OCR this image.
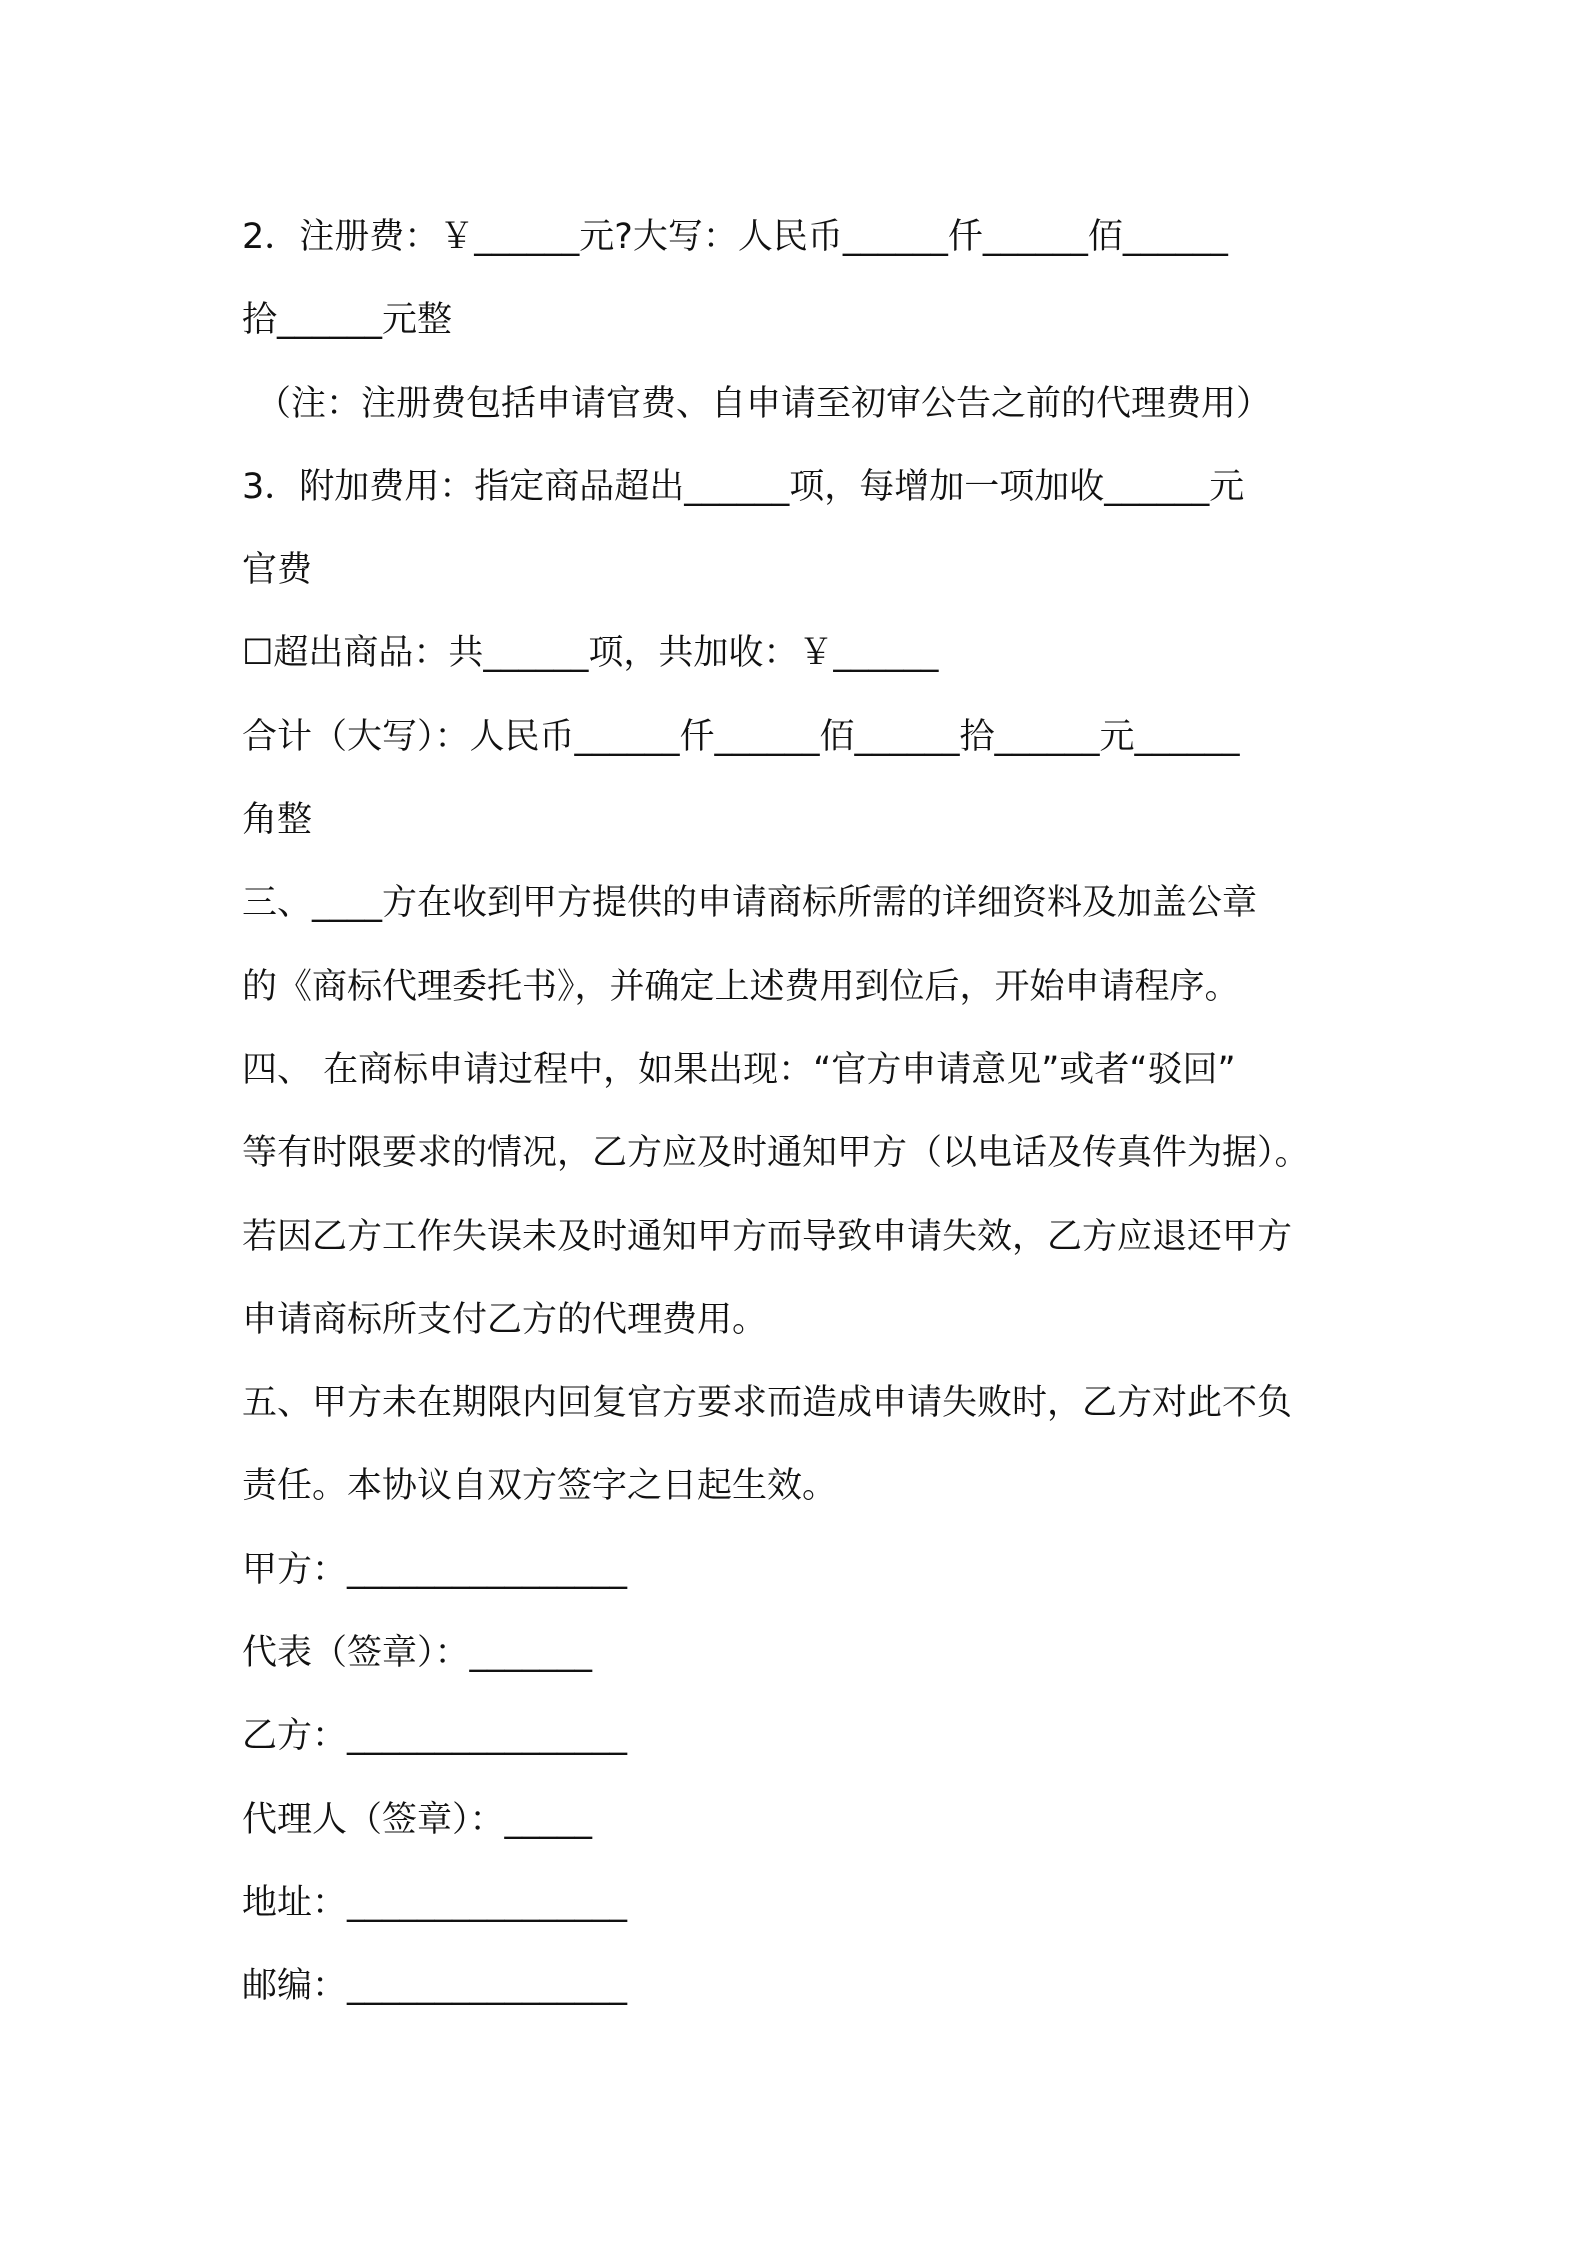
2．注册费：￥______元?大写：人民币______仟______佰______

拾______元整

（注：注册费包括申请官费、自申请至初审公告之前的代理费用）

3．附加费用：指定商品超出______项，每增加一项加收______元

官费

☐超出商品：共______项，共加收：￥______

合计（大写）：人民币______仟______佰______拾______元______

角整

三、____方在收到甲方提供的申请商标所需的详细资料及加盖公章

的《商标代理委托书》，并确定上述费用到位后，开始申请程序。

四、 在商标申请过程中，如果出现：“官方申请意见”或者“驳回”

等有时限要求的情况，乙方应及时通知甲方（以电话及传真件为据）。

若因乙方工作失误未及时通知甲方而导致申请失效，乙方应退还甲方

申请商标所支付乙方的代理费用。

五、甲方未在期限内回复官方要求而造成申请失败时，乙方对此不负

责任。本协议自双方签字之日起生效。

甲方：________________

代表（签章）：_______

乙方：________________

代理人（签章）：_____

地址：________________

邮编：________________
